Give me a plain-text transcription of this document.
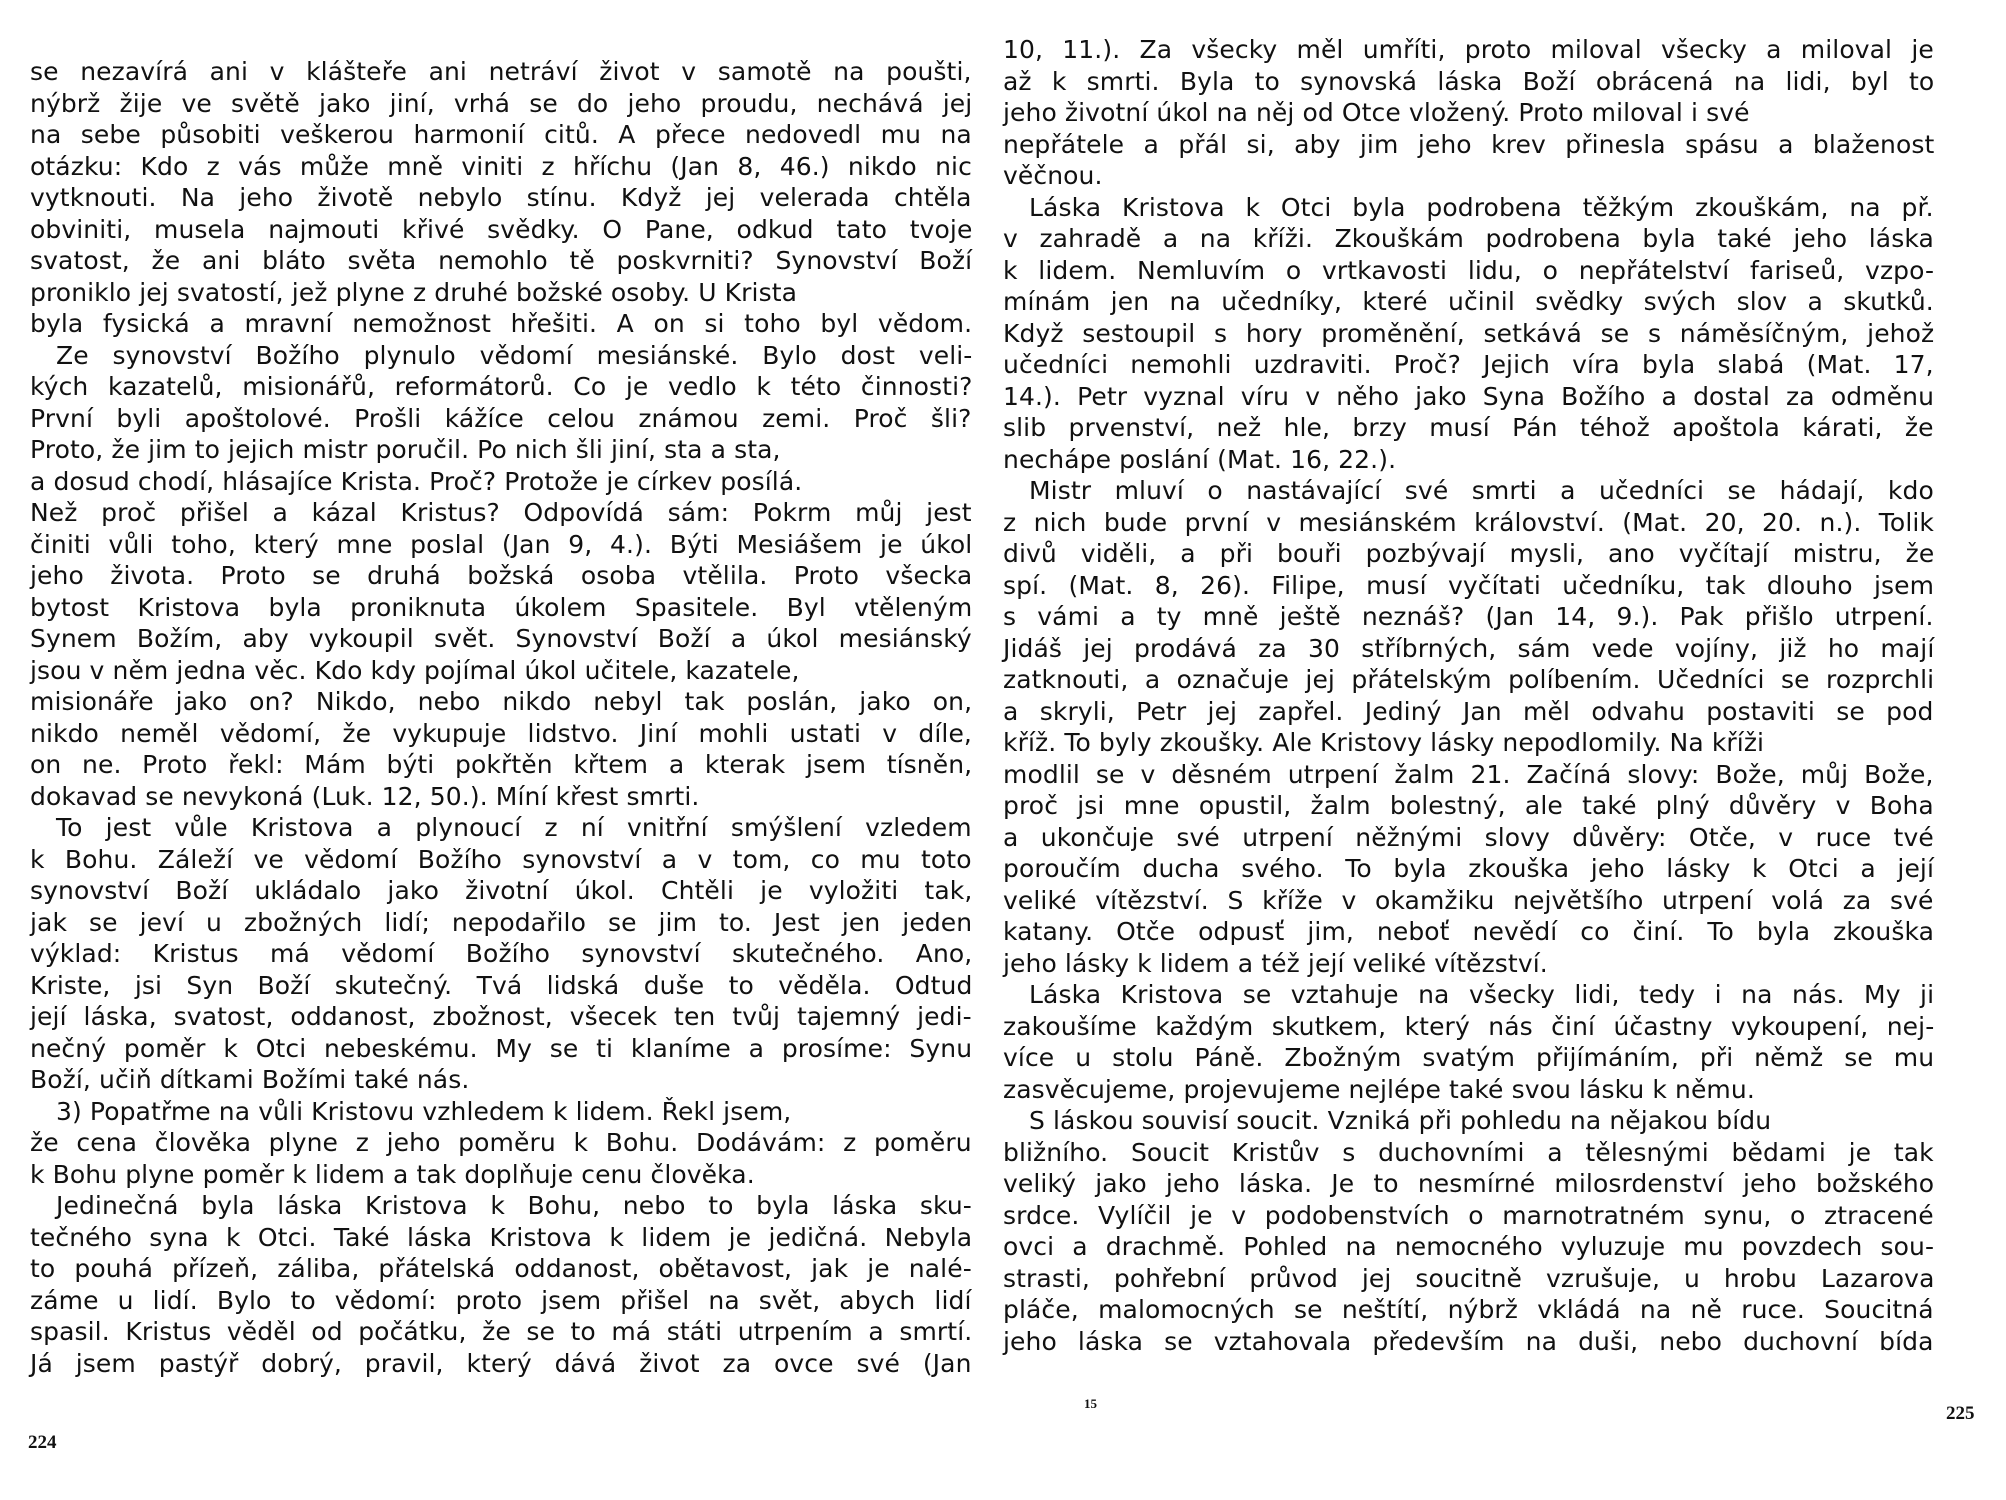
se nezavírá ani v klášteře ani netráví život v samotě na poušti,
nýbrž žije ve světě jako jiní, vrhá se do jeho proudu, nechává jej
na sebe působiti veškerou harmonií citů. A přece nedovedl mu na
otázku: Kdo z vás může mně viniti z hříchu (Jan 8, 46.) nikdo nic
vytknouti. Na jeho životě nebylo stínu. Když jej velerada chtěla
obviniti, musela najmouti křivé svědky. O Pane, odkud tato tvoje
svatost, že ani bláto světa nemohlo tě poskvrniti? Synovství Boží
proniklo jej svatostí, jež plyne z druhé božské osoby. U Krista
byla fysická a mravní nemožnost hřešiti. A on si toho byl vědom.
Ze synovství Božího plynulo vědomí mesiánské. Bylo dost veli-
kých kazatelů, misionářů, reformátorů. Co je vedlo k této činnosti?
První byli apoštolové. Prošli kážíce celou známou zemi. Proč šli?
Proto, že jim to jejich mistr poručil. Po nich šli jiní, sta a sta,
a dosud chodí, hlásajíce Krista. Proč? Protože je církev posílá.
Než proč přišel a kázal Kristus? Odpovídá sám: Pokrm můj jest
činiti vůli toho, který mne poslal (Jan 9, 4.). Býti Mesiášem je úkol
jeho života. Proto se druhá božská osoba vtělila. Proto všecka
bytost Kristova byla proniknuta úkolem Spasitele. Byl vtěleným
Synem Božím, aby vykoupil svět. Synovství Boží a úkol mesiánský
jsou v něm jedna věc. Kdo kdy pojímal úkol učitele, kazatele,
misionáře jako on? Nikdo, nebo nikdo nebyl tak poslán, jako on,
nikdo neměl vědomí, že vykupuje lidstvo. Jiní mohli ustati v díle,
on ne. Proto řekl: Mám býti pokřtěn křtem a kterak jsem tísněn,
dokavad se nevykoná (Luk. 12, 50.). Míní křest smrti.
To jest vůle Kristova a plynoucí z ní vnitřní smýšlení vzledem
k Bohu. Záleží ve vědomí Božího synovství a v tom, co mu toto
synovství Boží ukládalo jako životní úkol. Chtěli je vyložiti tak,
jak se jeví u zbožných lidí; nepodařilo se jim to. Jest jen jeden
výklad: Kristus má vědomí Božího synovství skutečného. Ano,
Kriste, jsi Syn Boží skutečný. Tvá lidská duše to věděla. Odtud
její láska, svatost, oddanost, zbožnost, všecek ten tvůj tajemný jedi-
nečný poměr k Otci nebeskému. My se ti klaníme a prosíme: Synu
Boží, učiň dítkami Božími také nás.
3) Popatřme na vůli Kristovu vzhledem k lidem. Řekl jsem,
že cena člověka plyne z jeho poměru k Bohu. Dodávám: z poměru
k Bohu plyne poměr k lidem a tak doplňuje cenu člověka.
Jedinečná byla láska Kristova k Bohu, nebo to byla láska sku-
tečného syna k Otci. Také láska Kristova k lidem je jedičná. Nebyla
to pouhá přízeň, záliba, přátelská oddanost, obětavost, jak je nalé-
záme u lidí. Bylo to vědomí: proto jsem přišel na svět, abych lidí
spasil. Kristus věděl od počátku, že se to má státi utrpením a smrtí.
Já jsem pastýř dobrý, pravil, který dává život za ovce své (Jan
224
10, 11.). Za všecky měl umříti, proto miloval všecky a miloval je
až k smrti. Byla to synovská láska Boží obrácená na lidi, byl to
jeho životní úkol na něj od Otce vložený. Proto miloval i své
nepřátele a přál si, aby jim jeho krev přinesla spásu a blaženost
věčnou.
Láska Kristova k Otci byla podrobena těžkým zkouškám, na př.
v zahradě a na kříži. Zkouškám podrobena byla také jeho láska
k lidem. Nemluvím o vrtkavosti lidu, o nepřátelství fariseů, vzpo-
mínám jen na učedníky, které učinil svědky svých slov a skutků.
Když sestoupil s hory proměnění, setkává se s náměsíčným, jehož
učedníci nemohli uzdraviti. Proč? Jejich víra byla slabá (Mat. 17,
14.). Petr vyznal víru v něho jako Syna Božího a dostal za odměnu
slib prvenství, než hle, brzy musí Pán téhož apoštola kárati, že
nechápe poslání (Mat. 16, 22.).
Mistr mluví o nastávající své smrti a učedníci se hádají, kdo
z nich bude první v mesiánském království. (Mat. 20, 20. n.). Tolik
divů viděli, a při bouři pozbývají mysli, ano vyčítají mistru, že
spí. (Mat. 8, 26). Filipe, musí vyčítati učedníku, tak dlouho jsem
s vámi a ty mně ještě neznáš? (Jan 14, 9.). Pak přišlo utrpení.
Jidáš jej prodává za 30 stříbrných, sám vede vojíny, již ho mají
zatknouti, a označuje jej přátelským políbením. Učedníci se rozprchli
a skryli, Petr jej zapřel. Jediný Jan měl odvahu postaviti se pod
kříž. To byly zkoušky. Ale Kristovy lásky nepodlomily. Na kříži
modlil se v děsném utrpení žalm 21. Začíná slovy: Bože, můj Bože,
proč jsi mne opustil, žalm bolestný, ale také plný důvěry v Boha
a ukončuje své utrpení něžnými slovy důvěry: Otče, v ruce tvé
poroučím ducha svého. To byla zkouška jeho lásky k Otci a její
veliké vítězství. S kříže v okamžiku největšího utrpení volá za své
katany. Otče odpusť jim, neboť nevědí co činí. To byla zkouška
jeho lásky k lidem a též její veliké vítězství.
Láska Kristova se vztahuje na všecky lidi, tedy i na nás. My ji
zakoušíme každým skutkem, který nás činí účastny vykoupení, nej-
více u stolu Páně. Zbožným svatým přijímáním, při němž se mu
zasvěcujeme, projevujeme nejlépe také svou lásku k němu.
S láskou souvisí soucit. Vzniká při pohledu na nějakou bídu
bližního. Soucit Kristův s duchovními a tělesnými bědami je tak
veliký jako jeho láska. Je to nesmírné milosrdenství jeho božského
srdce. Vylíčil je v podobenstvích o marnotratném synu, o ztracené
ovci a drachmě. Pohled na nemocného vyluzuje mu povzdech sou-
strasti, pohřební průvod jej soucitně vzrušuje, u hrobu Lazarova
pláče, malomocných se neštítí, nýbrž vkládá na ně ruce. Soucitná
jeho láska se vztahovala především na duši, nebo duchovní bída
15	225
